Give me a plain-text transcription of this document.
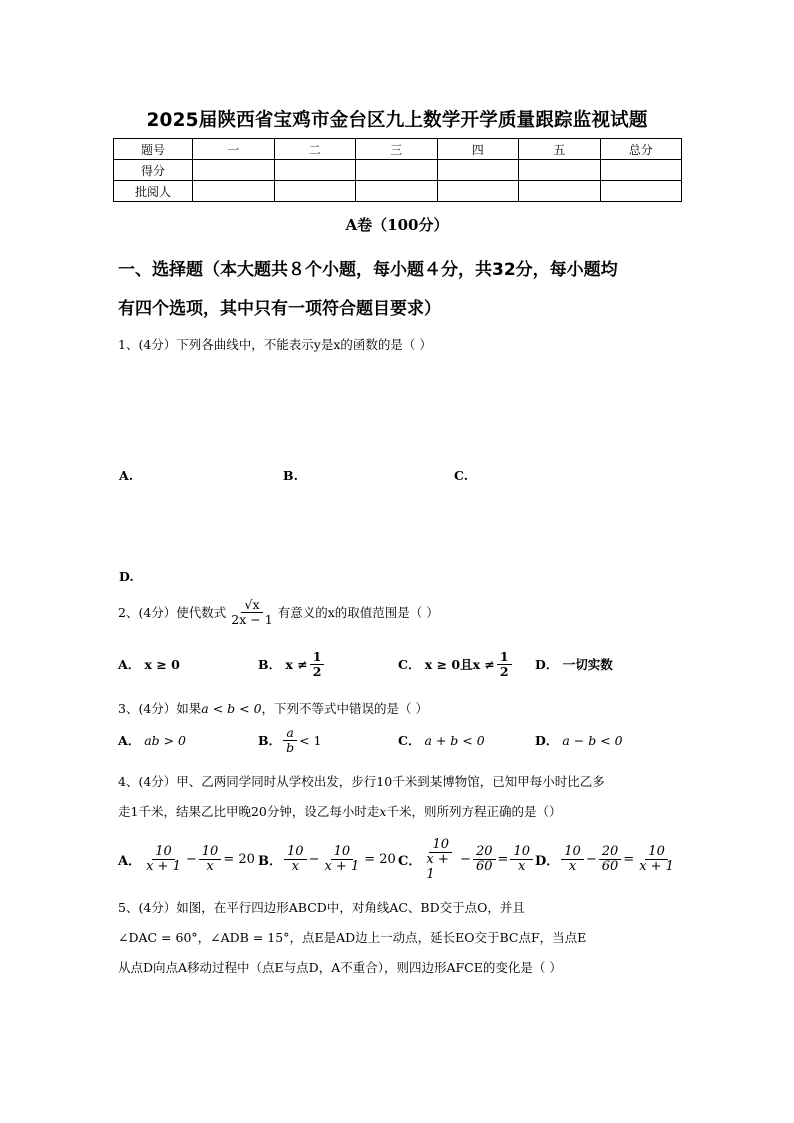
2025届陕西省宝鸡市金台区九上数学开学质量跟踪监视试题
题号	一	二	三	四	五	总分
得分						
批阅人						
A卷（100分）
一、选择题（本大题共８个小题，每小题４分，共32分，每小题均
有四个选项，其中只有一项符合题目要求）
1、(4分）下列各曲线中，不能表示y是x的函数的是（ ）
A.	B.	C.
D.
2、(4分）使代数式 $\frac{√x}{2x - 1}$ 有意义的x的取值范围是（ ）
A． x ≥ 0	B． $x \ne \frac{1}{2}$	C． x ≥ 0且$x \ne \frac{1}{2}$ D． 一切实数
3、(4分）如果a < b < 0，下列不等式中错误的是（ ）
A． ab > 0	B． $\frac{a}{b} < 1$	C． a + b < 0	D． a − b < 0
4、(4分）甲、乙两同学同时从学校出发，步行10千米到某博物馆，已知甲每小时比乙多
走1千米，结果乙比甲晚20分钟，设乙每小时走x千米，则所列方程正确的是（）
A． $\frac{10}{x + 1} - \frac{10}{x} = 20$ B． $\frac{10}{x} - \frac{10}{x + 1} = 20$ C． $\frac{10}{x + 1} - \frac{20}{60} = \frac{10}{x}$ D． $\frac{10}{x} - \frac{20}{60} = \frac{10}{x + 1}$
5、(4分）如图，在平行四边形ABCD中，对角线AC、BD交于点O，并且
∠DAC = 60°，∠ADB = 15°，点E是AD边上一动点，延长EO交于BC点F，当点E
从点D向点A移动过程中（点E与点D，A不重合），则四边形AFCE的变化是（ ）
